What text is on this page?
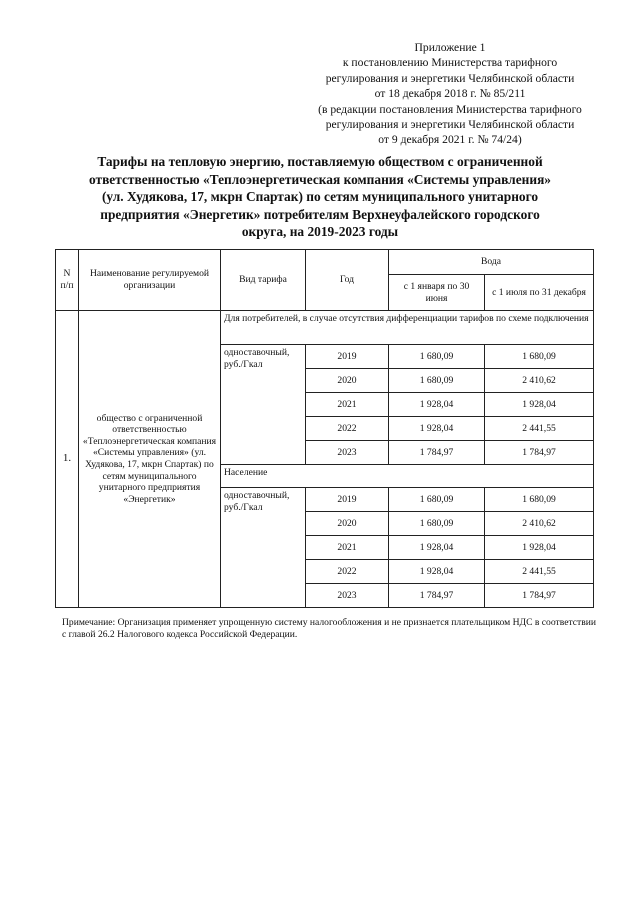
Приложение 1
к постановлению Министерства тарифного
регулирования и энергетики Челябинской области
от 18 декабря 2018 г. № 85/211
(в редакции постановления Министерства тарифного
регулирования и энергетики Челябинской области
от 9 декабря 2021 г. № 74/24)
Тарифы на тепловую энергию, поставляемую обществом с ограниченной
ответственностью «Теплоэнергетическая компания «Системы управления»
(ул. Худякова, 17, мкрн Спартак) по сетям муниципального унитарного
предприятия «Энергетик» потребителям Верхнеуфалейского городского
округа, на 2019-2023 годы
N п/п	Наименование регулируемой организации	Вид тарифа	Год	Вода	
				с 1 января по 30 июня	с 1 июля по 31 декабря
1.	общество с ограниченной ответственностью «Теплоэнергетическая компания «Системы управления» (ул. Худякова, 17, мкрн Спартак) по сетям муниципального унитарного предприятия «Энергетик»	Для потребителей, в случае отсутствия дифференциации тарифов по схеме подключения			
		одноставочный, руб./Гкал	2019	1 680,09	1 680,09
			2020	1 680,09	2 410,62
			2021	1 928,04	1 928,04
			2022	1 928,04	2 441,55
			2023	1 784,97	1 784,97
		Население			
		одноставочный, руб./Гкал	2019	1 680,09	1 680,09
			2020	1 680,09	2 410,62
			2021	1 928,04	1 928,04
			2022	1 928,04	2 441,55
			2023	1 784,97	1 784,97
Примечание: Организация применяет упрощенную систему налогообложения и не признается плательщиком НДС в соответствии с главой 26.2 Налогового кодекса Российской Федерации.
